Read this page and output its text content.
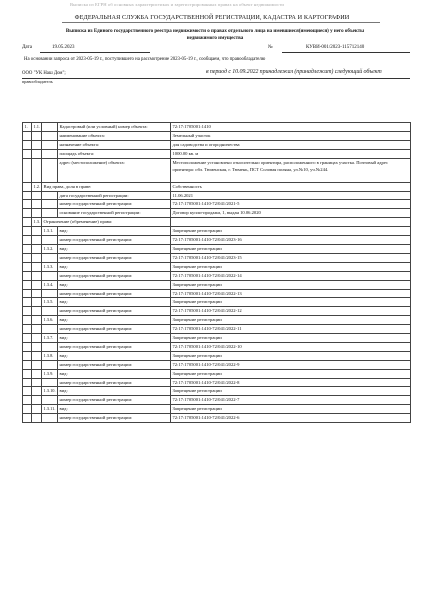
Выписка из ЕГРН об основных характеристиках и зарегистрированных правах на объект недвижимости
ФЕДЕРАЛЬНАЯ СЛУЖБА ГОСУДАРСТВЕННОЙ РЕГИСТРАЦИИ, КАДАСТРА И КАРТОГРАФИИ
Выписка из Единого государственного реестра недвижимости о правах отдельного лица на имевшиеся(имеющиеся) у него объекты
недвижимого имущества
Дата	19.05.2023	№	КУВИ-001/2023-115712140
На основании запроса от 2023-05-19 г., поступившего на рассмотрение 2023-05-19 г., сообщаем, что правообладателю
ООО "УК Наш Дом";
правообладатель
в период с 10.09.2022 принадлежал (принадлежит) следующий объект
1.	1.1.		Кадастровый (или условный) номер объекта:	72:17:1705001:1410
			наименование объекта:	Земельный участок
			назначение объекта:	для садоводства и огородничества
			площадь объекта:	1000.00 кв. м
			адрес (местоположение) объекта:	Местоположение установлено относительно ориентира, расположенного в границах участка. Почтовый адрес ориентира: обл. Тюменская, г. Тюмень, ПСТ Соловая поляна, ул.№10, уч.№244.
	1.2.	Вид права, доля в праве:		Собственность
			дата государственной регистрации:	11.06.2021
			номер государственной регистрации:	72:17:1705001:1410-72/041/2021-5
			основание государственной регистрации:	Договор купли-продажи, 1, выдан 10.06.2020
	1.3.	Ограничение (обременение) права:		
		1.3.1.	вид:	Запрещение регистрации
			номер государственной регистрации:	72:17:1705001:1410-72/041/2023-16
		1.3.2.	вид:	Запрещение регистрации
			номер государственной регистрации:	72:17:1705001:1410-72/041/2023-15
		1.3.3.	вид:	Запрещение регистрации
			номер государственной регистрации:	72:17:1705001:1410-72/041/2022-14
		1.3.4.	вид:	Запрещение регистрации
			номер государственной регистрации:	72:17:1705001:1410-72/041/2022-13
		1.3.5.	вид:	Запрещение регистрации
			номер государственной регистрации:	72:17:1705001:1410-72/041/2022-12
		1.3.6.	вид:	Запрещение регистрации
			номер государственной регистрации:	72:17:1705001:1410-72/041/2022-11
		1.3.7.	вид:	Запрещение регистрации
			номер государственной регистрации:	72:17:1705001:1410-72/041/2022-10
		1.3.8.	вид:	Запрещение регистрации
			номер государственной регистрации:	72:17:1705001:1410-72/041/2022-9
		1.3.9.	вид:	Запрещение регистрации
			номер государственной регистрации:	72:17:1705001:1410-72/041/2022-8
		1.3.10.	вид:	Запрещение регистрации
			номер государственной регистрации:	72:17:1705001:1410-72/041/2022-7
		1.3.11.	вид:	Запрещение регистрации
			номер государственной регистрации:	72:17:1705001:1410-72/041/2022-6
